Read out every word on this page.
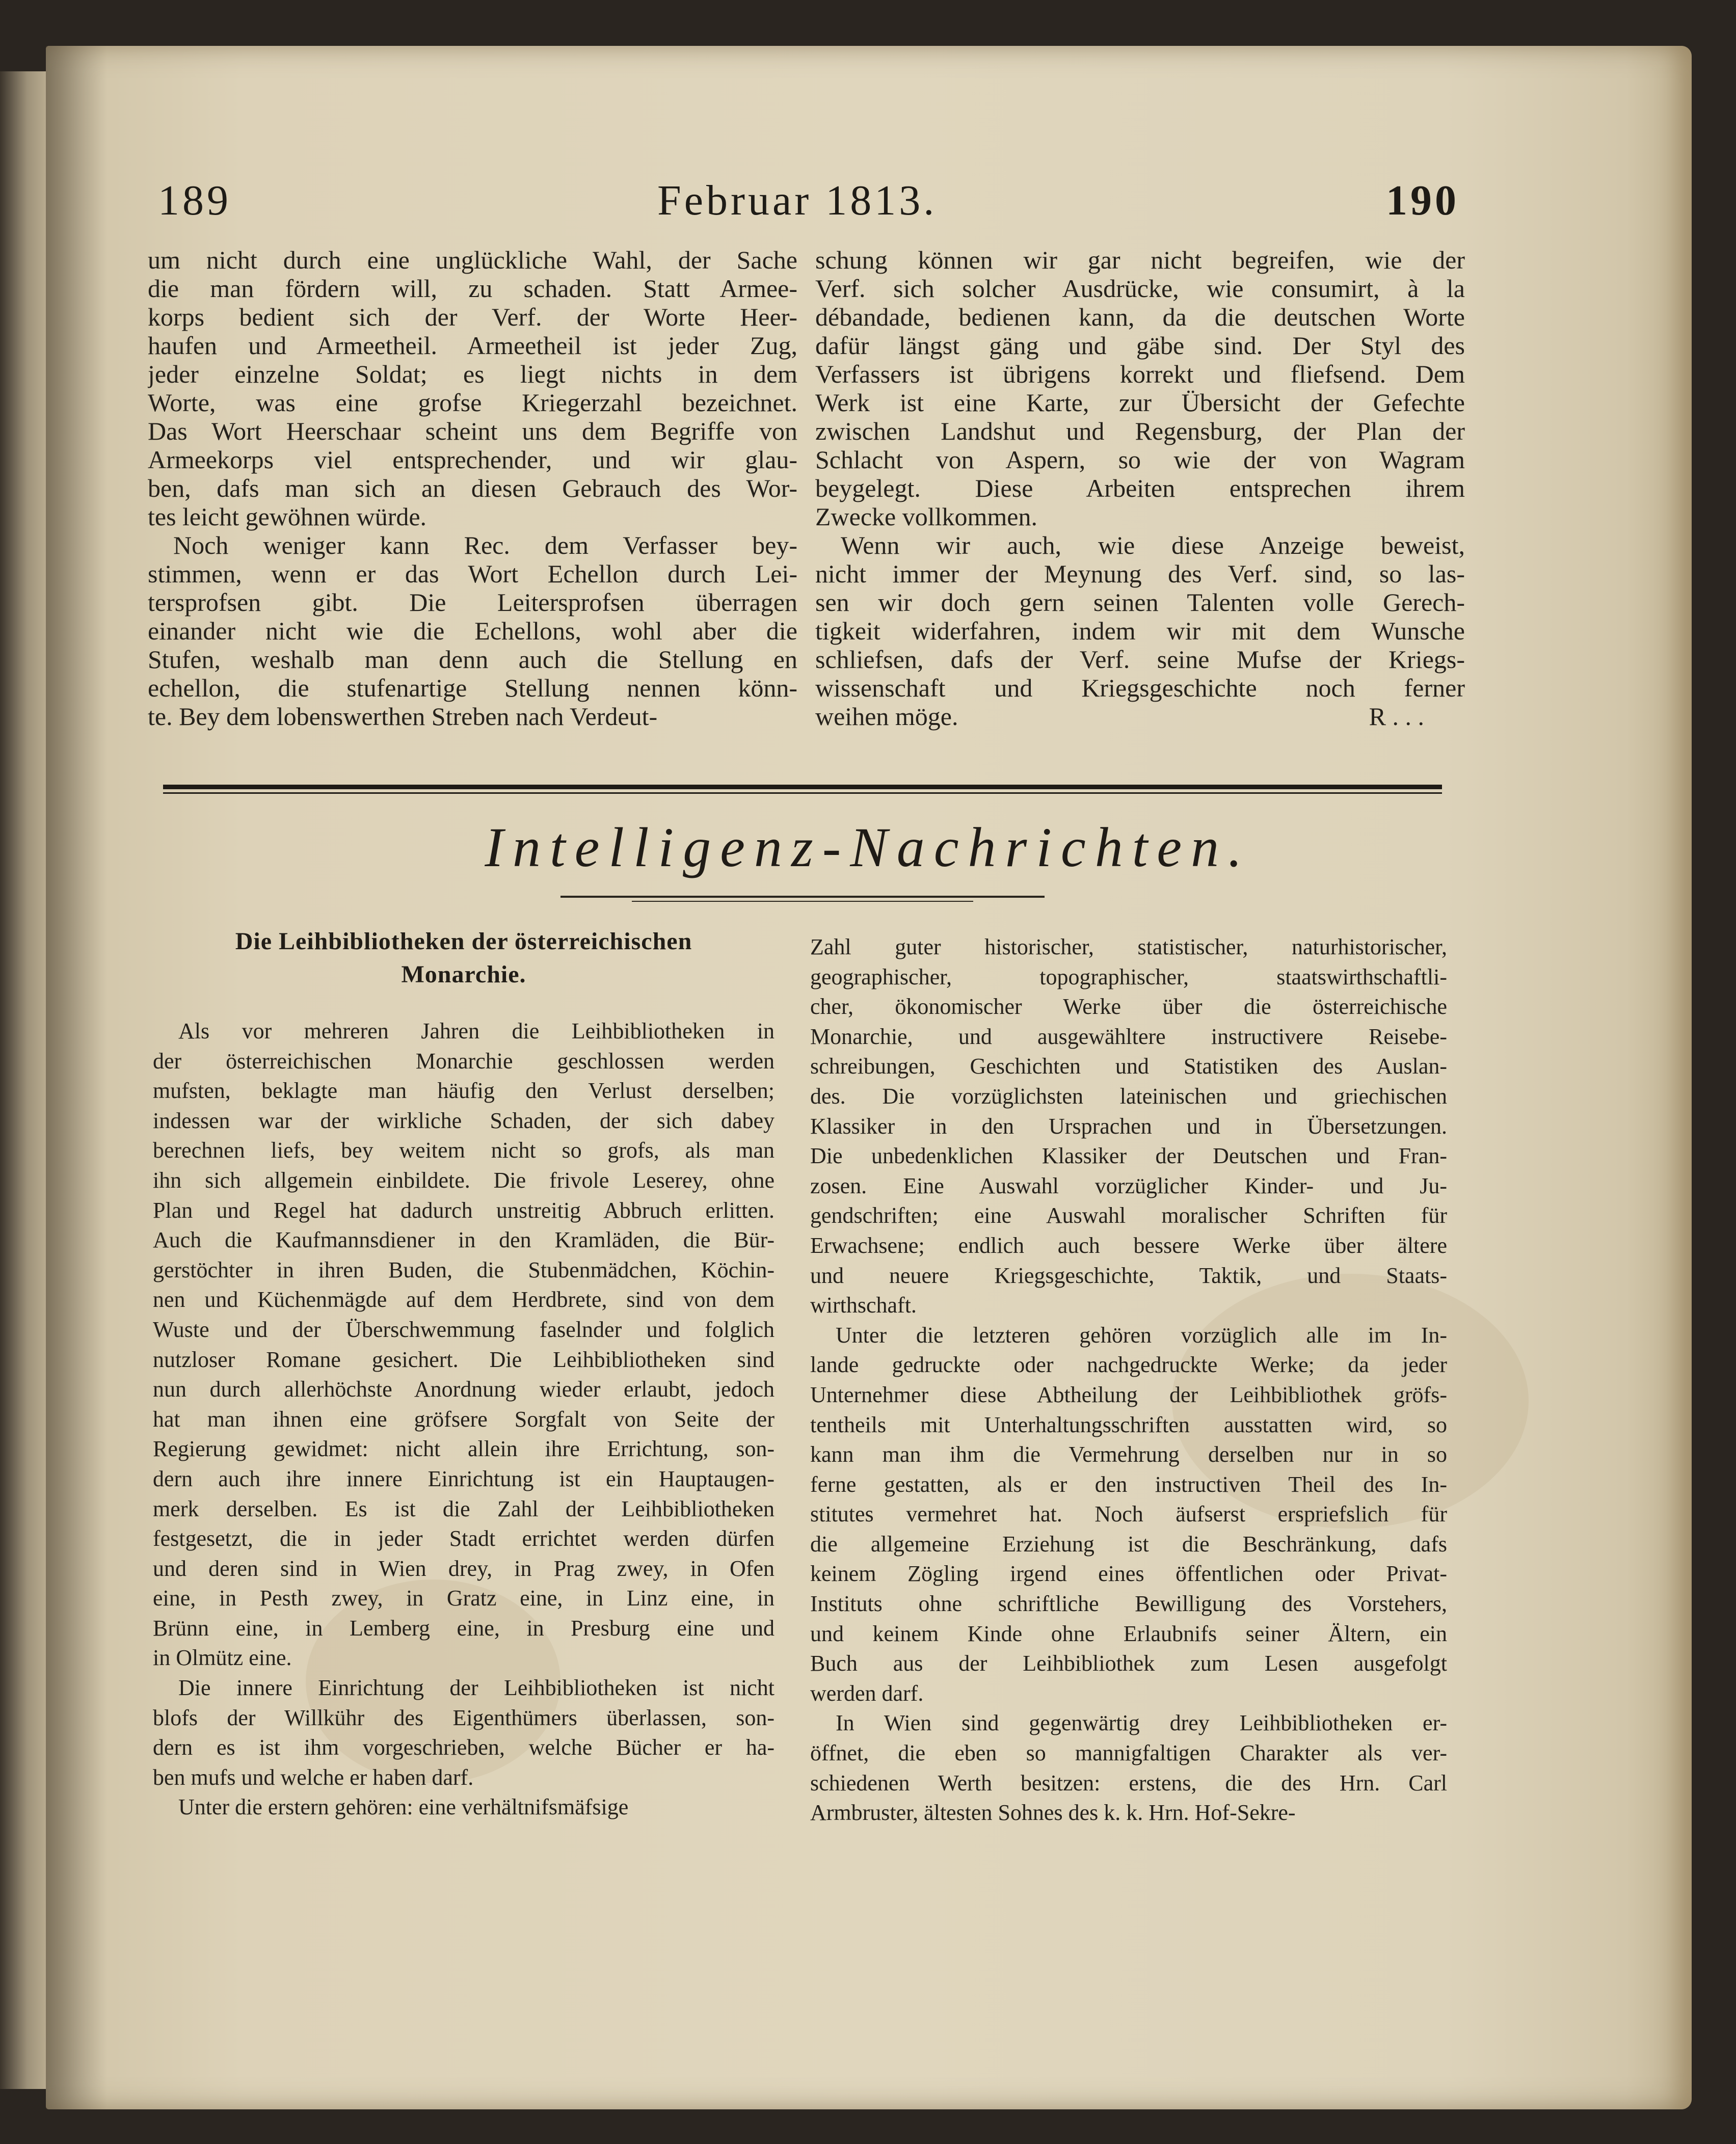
189	Februar 1813.	190
um nicht durch eine unglückliche Wahl, der Sache
die man fördern will, zu schaden. Statt Armee-
korps bedient sich der Verf. der Worte Heer-
haufen und Armeetheil. Armeetheil ist jeder Zug,
jeder einzelne Soldat; es liegt nichts in dem
Worte, was eine grofse Kriegerzahl bezeichnet.
Das Wort Heerschaar scheint uns dem Begriffe von
Armeekorps viel entsprechender, und wir glau-
ben, dafs man sich an diesen Gebrauch des Wor-
tes leicht gewöhnen würde.
Noch weniger kann Rec. dem Verfasser bey-
stimmen, wenn er das Wort Echellon durch Lei-
tersprofsen gibt. Die Leitersprofsen überragen
einander nicht wie die Echellons, wohl aber die
Stufen, weshalb man denn auch die Stellung en
echellon, die stufenartige Stellung nennen könn-
te. Bey dem lobenswerthen Streben nach Verdeut-
schung können wir gar nicht begreifen, wie der
Verf. sich solcher Ausdrücke, wie consumirt, à la
débandade, bedienen kann, da die deutschen Worte
dafür längst gäng und gäbe sind. Der Styl des
Verfassers ist übrigens korrekt und fliefsend. Dem
Werk ist eine Karte, zur Übersicht der Gefechte
zwischen Landshut und Regensburg, der Plan der
Schlacht von Aspern, so wie der von Wagram
beygelegt. Diese Arbeiten entsprechen ihrem
Zwecke vollkommen.
Wenn wir auch, wie diese Anzeige beweist,
nicht immer der Meynung des Verf. sind, so las-
sen wir doch gern seinen Talenten volle Gerech-
tigkeit widerfahren, indem wir mit dem Wunsche
schliefsen, dafs der Verf. seine Mufse der Kriegs-
wissenschaft und Kriegsgeschichte noch ferner
weihen möge.	R . . .
Intelligenz-Nachrichten.
Die Leihbibliotheken der österreichischen
Monarchie.
Als vor mehreren Jahren die Leihbibliotheken in
der österreichischen Monarchie geschlossen werden
mufsten, beklagte man häufig den Verlust derselben;
indessen war der wirkliche Schaden, der sich dabey
berechnen liefs, bey weitem nicht so grofs, als man
ihn sich allgemein einbildete. Die frivole Leserey, ohne
Plan und Regel hat dadurch unstreitig Abbruch erlitten.
Auch die Kaufmannsdiener in den Kramläden, die Bür-
gerstöchter in ihren Buden, die Stubenmädchen, Köchin-
nen und Küchenmägde auf dem Herdbrete, sind von dem
Wuste und der Überschwemmung faselnder und folglich
nutzloser Romane gesichert. Die Leihbibliotheken sind
nun durch allerhöchste Anordnung wieder erlaubt, jedoch
hat man ihnen eine gröfsere Sorgfalt von Seite der
Regierung gewidmet: nicht allein ihre Errichtung, son-
dern auch ihre innere Einrichtung ist ein Hauptaugen-
merk derselben. Es ist die Zahl der Leihbibliotheken
festgesetzt, die in jeder Stadt errichtet werden dürfen
und deren sind in Wien drey, in Prag zwey, in Ofen
eine, in Pesth zwey, in Gratz eine, in Linz eine, in
Brünn eine, in Lemberg eine, in Presburg eine und
in Olmütz eine.
Die innere Einrichtung der Leihbibliotheken ist nicht
blofs der Willkühr des Eigenthümers überlassen, son-
dern es ist ihm vorgeschrieben, welche Bücher er ha-
ben mufs und welche er haben darf.
Unter die erstern gehören: eine verhältnifsmäfsige
Zahl guter historischer, statistischer, naturhistorischer,
geographischer, topographischer, staatswirthschaftli-
cher, ökonomischer Werke über die österreichische
Monarchie, und ausgewähltere instructivere Reisebe-
schreibungen, Geschichten und Statistiken des Auslan-
des. Die vorzüglichsten lateinischen und griechischen
Klassiker in den Ursprachen und in Übersetzungen.
Die unbedenklichen Klassiker der Deutschen und Fran-
zosen. Eine Auswahl vorzüglicher Kinder- und Ju-
gendschriften; eine Auswahl moralischer Schriften für
Erwachsene; endlich auch bessere Werke über ältere
und neuere Kriegsgeschichte, Taktik, und Staats-
wirthschaft.
Unter die letzteren gehören vorzüglich alle im In-
lande gedruckte oder nachgedruckte Werke; da jeder
Unternehmer diese Abtheilung der Leihbibliothek gröfs-
tentheils mit Unterhaltungsschriften ausstatten wird, so
kann man ihm die Vermehrung derselben nur in so
ferne gestatten, als er den instructiven Theil des In-
stitutes vermehret hat. Noch äufserst erspriefslich für
die allgemeine Erziehung ist die Beschränkung, dafs
keinem Zögling irgend eines öffentlichen oder Privat-
Instituts ohne schriftliche Bewilligung des Vorstehers,
und keinem Kinde ohne Erlaubnifs seiner Ältern, ein
Buch aus der Leihbibliothek zum Lesen ausgefolgt
werden darf.
In Wien sind gegenwärtig drey Leihbibliotheken er-
öffnet, die eben so mannigfaltigen Charakter als ver-
schiedenen Werth besitzen: erstens, die des Hrn. Carl
Armbruster, ältesten Sohnes des k. k. Hrn. Hof-Sekre-
